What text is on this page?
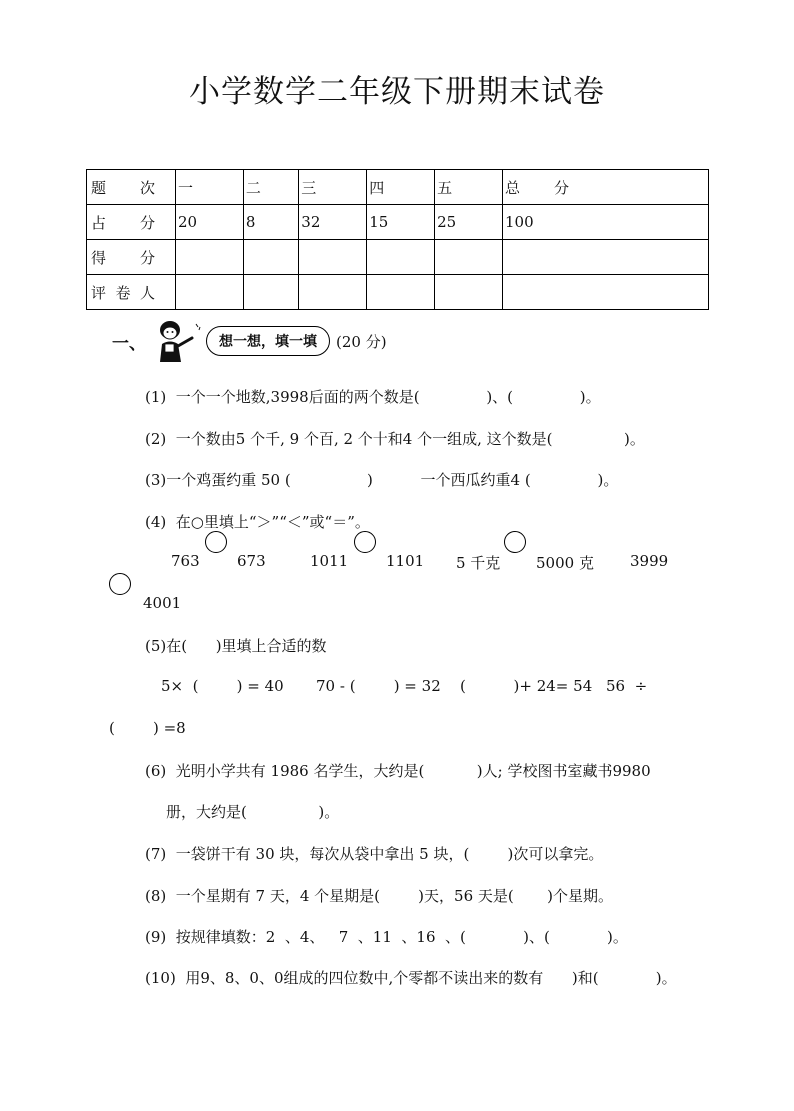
小学数学二年级下册期末试卷
题 次	一	二	三	四	五	总 分

占 分	20	8	32	15	25	100

得 分						

评 卷 人						

一、	想一想，填一填	(20 分)
(1)  一个一个地数,3998后面的两个数是(              )、(              )。
(2)  一个数由5 个千, 9 个百, 2 个十和4 个一组成, 这个数是(               )。
(3)一个鸡蛋约重 50 (                )          一个西瓜约重4 (              )。
(4)  在○里填上“＞”“＜”或“＝”。
763 673	1011	1101 5 千克 5000 克 3999
4001
(5)在(      )里填上合适的数
5×  (        ) = 40 70 - (        ) = 32 (          )+ 24= 54 56  ÷
(        ) =8
(6)  光明小学共有 1986 名学生，大约是(           )人; 学校图书室藏书9980
册，大约是(               )。
(7)  一袋饼干有 30 块，每次从袋中拿出 5 块，(        )次可以拿完。
(8)  一个星期有 7 天，4 个星期是(        )天，56 天是(       )个星期。
(9)  按规律填数：2  、4、   7  、11  、16  、(            )、(            )。
(10)  用9、8、0、0组成的四位数中,个零都不读出来的数有      )和(            )。
